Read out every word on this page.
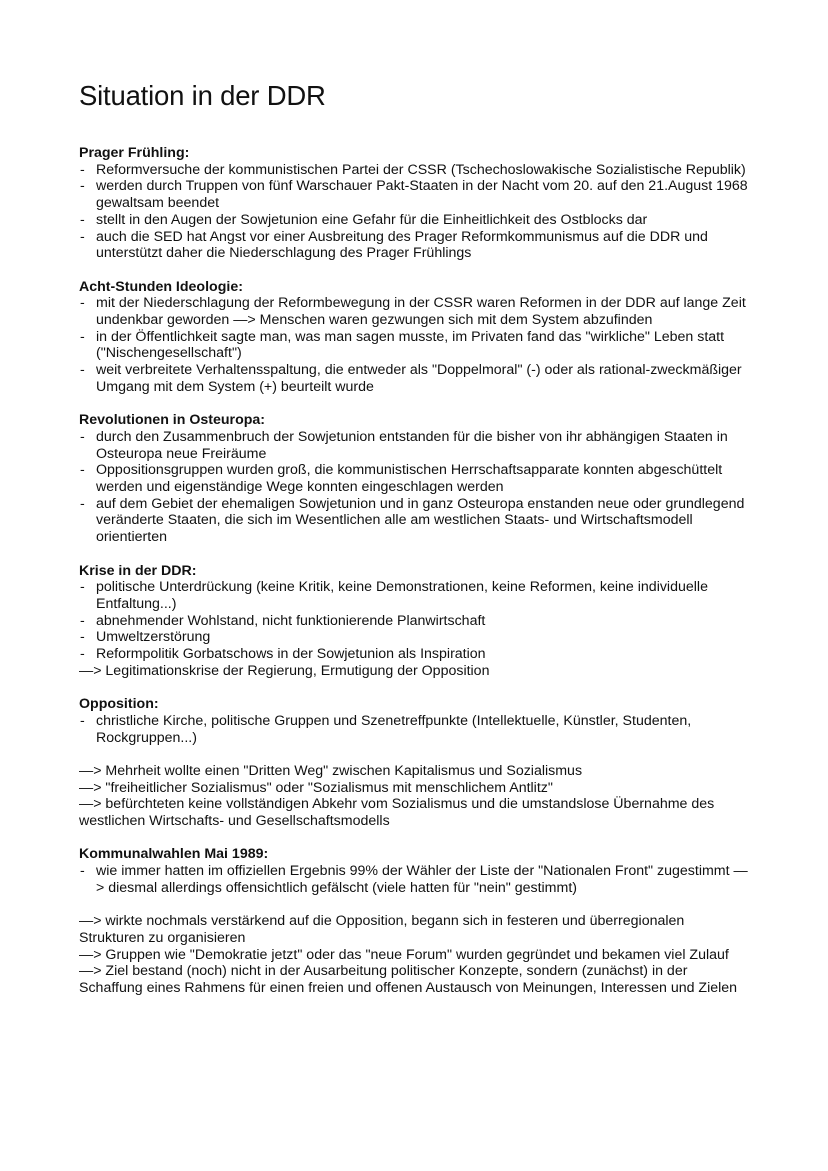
Situation in der DDR

Prager Frühling:

- Reformversuche der kommunistischen Partei der CSSR (Tschechoslowakische Sozialistische Republik)
- werden durch Truppen von fünf Warschauer Pakt-Staaten in der Nacht vom 20. auf den 21.August 1968 gewaltsam beendet
- stellt in den Augen der Sowjetunion eine Gefahr für die Einheitlichkeit des Ostblocks dar
- auch die SED hat Angst vor einer Ausbreitung des Prager Reformkommunismus auf die DDR und unterstützt daher die Niederschlagung des Prager Frühlings

Acht-Stunden Ideologie:

- mit der Niederschlagung der Reformbewegung in der CSSR waren Reformen in der DDR auf lange Zeit undenkbar geworden —> Menschen waren gezwungen sich mit dem System abzufinden
- in der Öffentlichkeit sagte man, was man sagen musste, im Privaten fand das "wirkliche" Leben statt ("Nischengesellschaft")
- weit verbreitete Verhaltensspaltung, die entweder als "Doppelmoral" (-) oder als rational-zweckmäßiger Umgang mit dem System (+) beurteilt wurde

Revolutionen in Osteuropa:

- durch den Zusammenbruch der Sowjetunion entstanden für die bisher von ihr abhängigen Staaten in Osteuropa neue Freiräume
- Oppositionsgruppen wurden groß, die kommunistischen Herrschaftsapparate konnten abgeschüttelt werden und eigenständige Wege konnten eingeschlagen werden
- auf dem Gebiet der ehemaligen Sowjetunion und in ganz Osteuropa enstanden neue oder grundlegend veränderte Staaten, die sich im Wesentlichen alle am westlichen Staats- und Wirtschaftsmodell orientierten

Krise in der DDR:

- politische Unterdrückung (keine Kritik, keine Demonstrationen, keine Reformen, keine individuelle Entfaltung...)
- abnehmender Wohlstand, nicht funktionierende Planwirtschaft
- Umweltzerstörung
- Reformpolitik Gorbatschows in der Sowjetunion als Inspiration

—> Legitimationskrise der Regierung, Ermutigung der Opposition

Opposition:

- christliche Kirche, politische Gruppen und Szenetreffpunkte (Intellektuelle, Künstler, Studenten, Rockgruppen...)

—> Mehrheit wollte einen "Dritten Weg" zwischen Kapitalismus und Sozialismus

—> "freiheitlicher Sozialismus" oder "Sozialismus mit menschlichem Antlitz"

—> befürchteten keine vollständigen Abkehr vom Sozialismus und die umstandslose Übernahme des westlichen Wirtschafts- und Gesellschaftsmodells

Kommunalwahlen Mai 1989:

- wie immer hatten im offiziellen Ergebnis 99% der Wähler der Liste der "Nationalen Front" zugestimmt —> diesmal allerdings offensichtlich gefälscht (viele hatten für "nein" gestimmt)

—> wirkte nochmals verstärkend auf die Opposition, begann sich in festeren und überregionalen Strukturen zu organisieren

—> Gruppen wie "Demokratie jetzt" oder das "neue Forum" wurden gegründet und bekamen viel Zulauf

—> Ziel bestand (noch) nicht in der Ausarbeitung politischer Konzepte, sondern (zunächst) in der Schaffung eines Rahmens für einen freien und offenen Austausch von Meinungen, Interessen und Zielen
